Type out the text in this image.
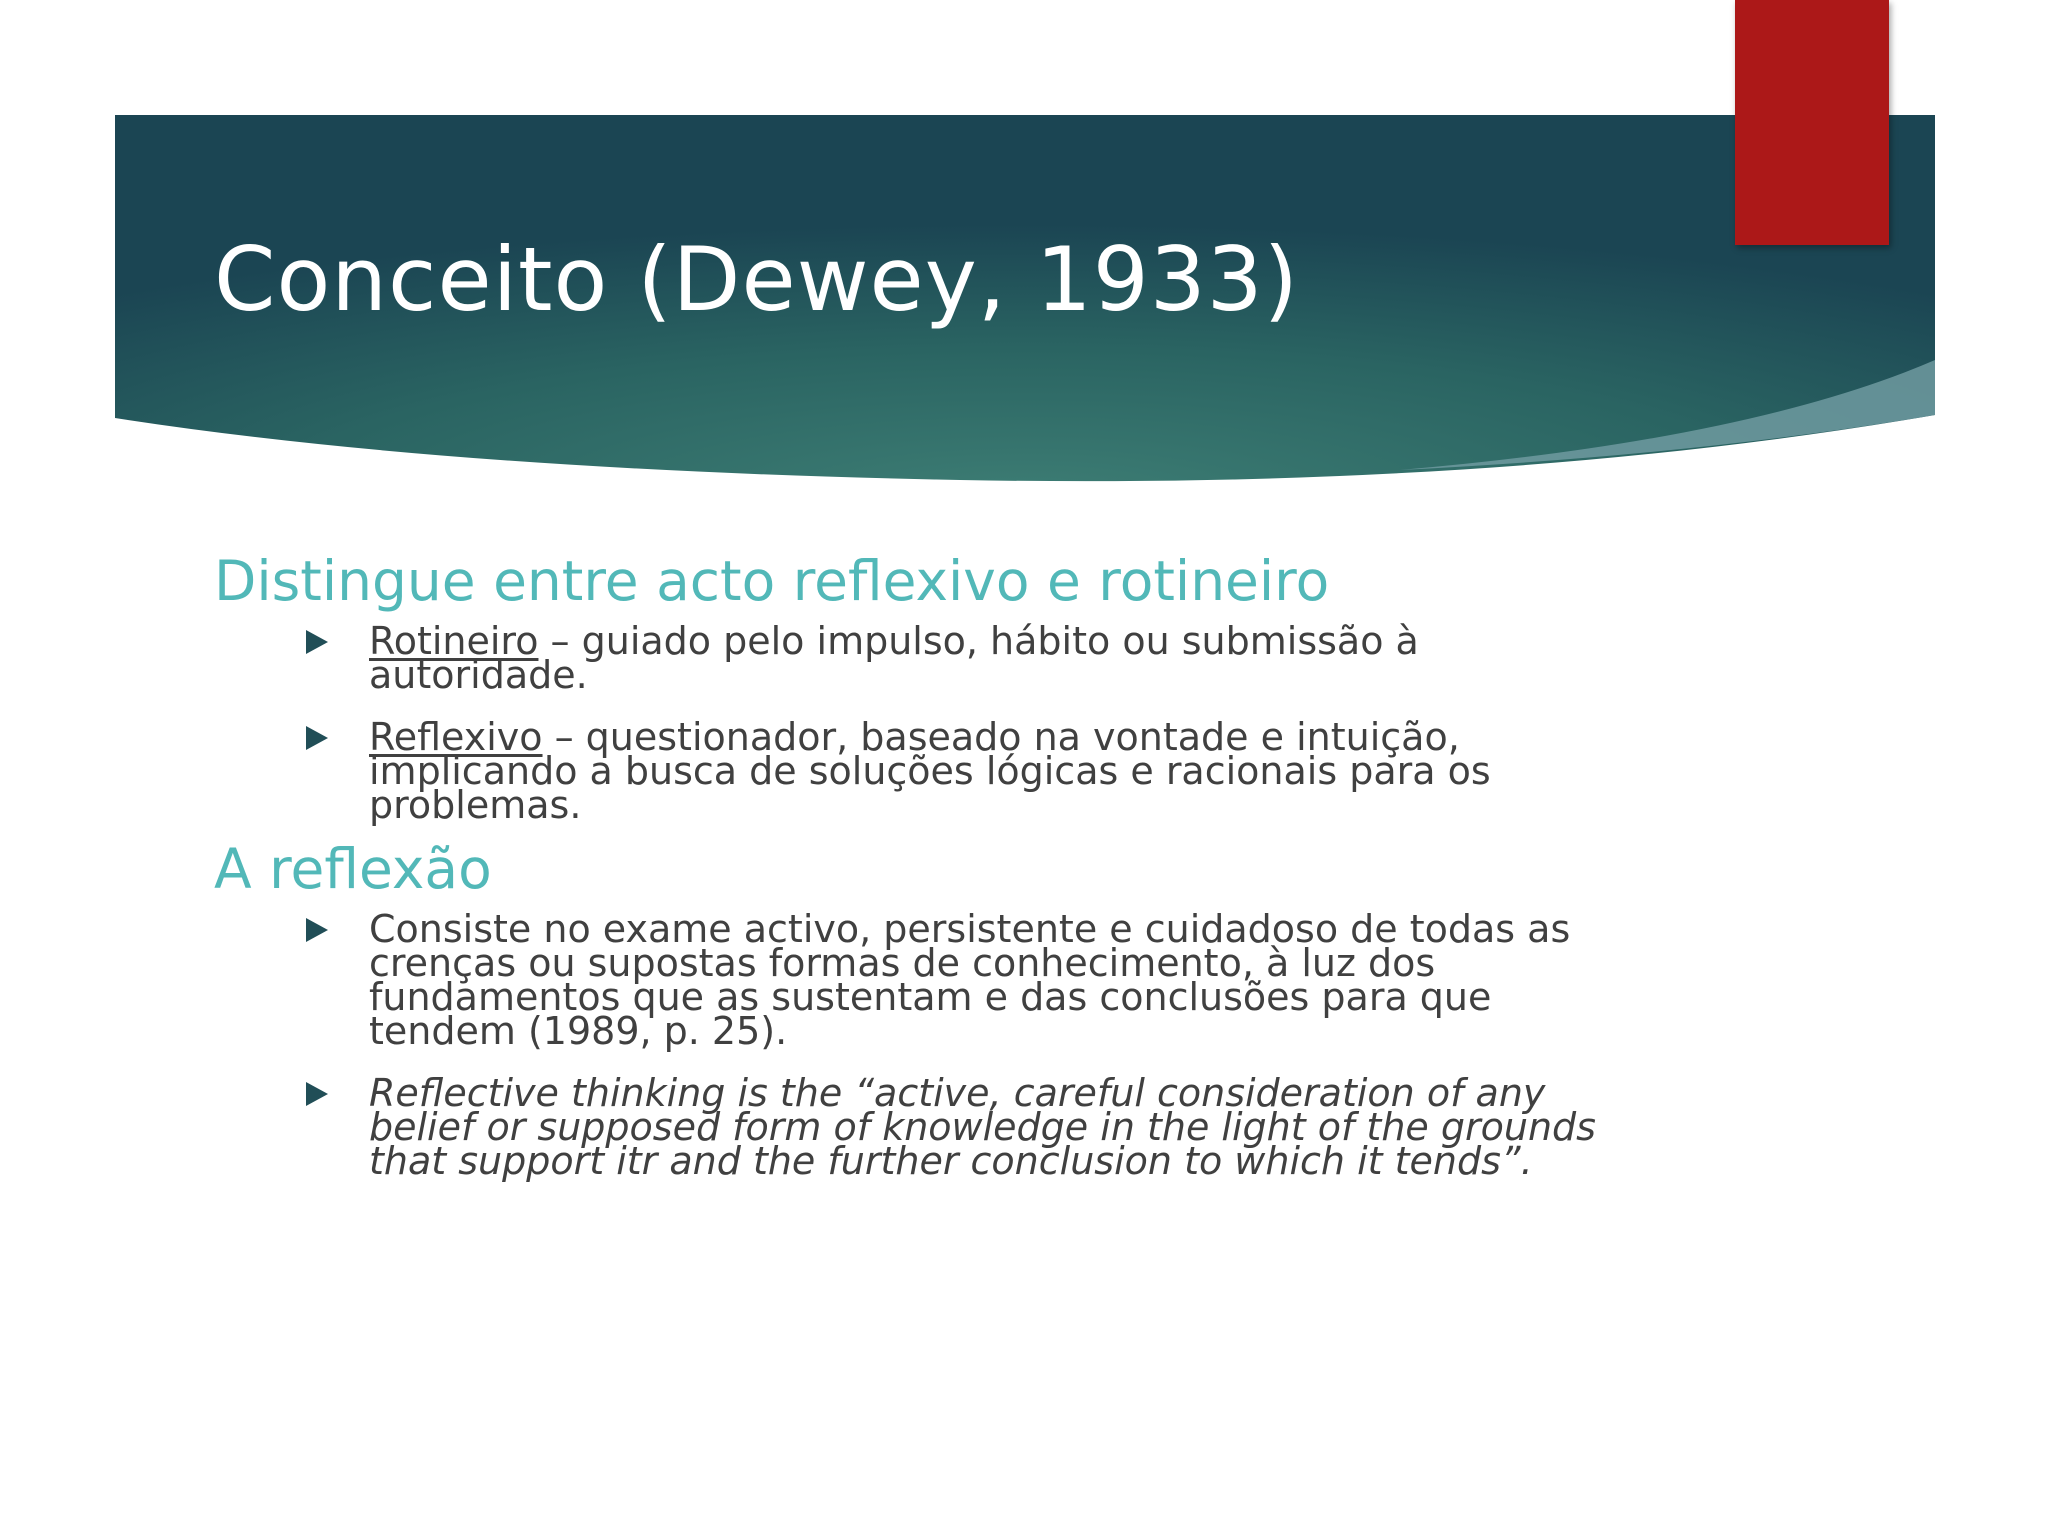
Conceito (Dewey, 1933)
Distingue entre acto reflexivo e rotineiro
Rotineiro – guiado pelo impulso, hábito ou submissão à autoridade.
Reflexivo – questionador, baseado na vontade e intuição, implicando a busca de soluções lógicas e racionais para os problemas.
A reflexão
Consiste no exame activo, persistente e cuidadoso de todas as crenças ou supostas formas de conhecimento, à luz dos fundamentos que as sustentam e das conclusões para que tendem (1989, p. 25).
Reflective thinking is the “active, careful consideration of any belief or supposed form of knowledge in the light of the grounds that support itr and the further conclusion to which it tends”.
